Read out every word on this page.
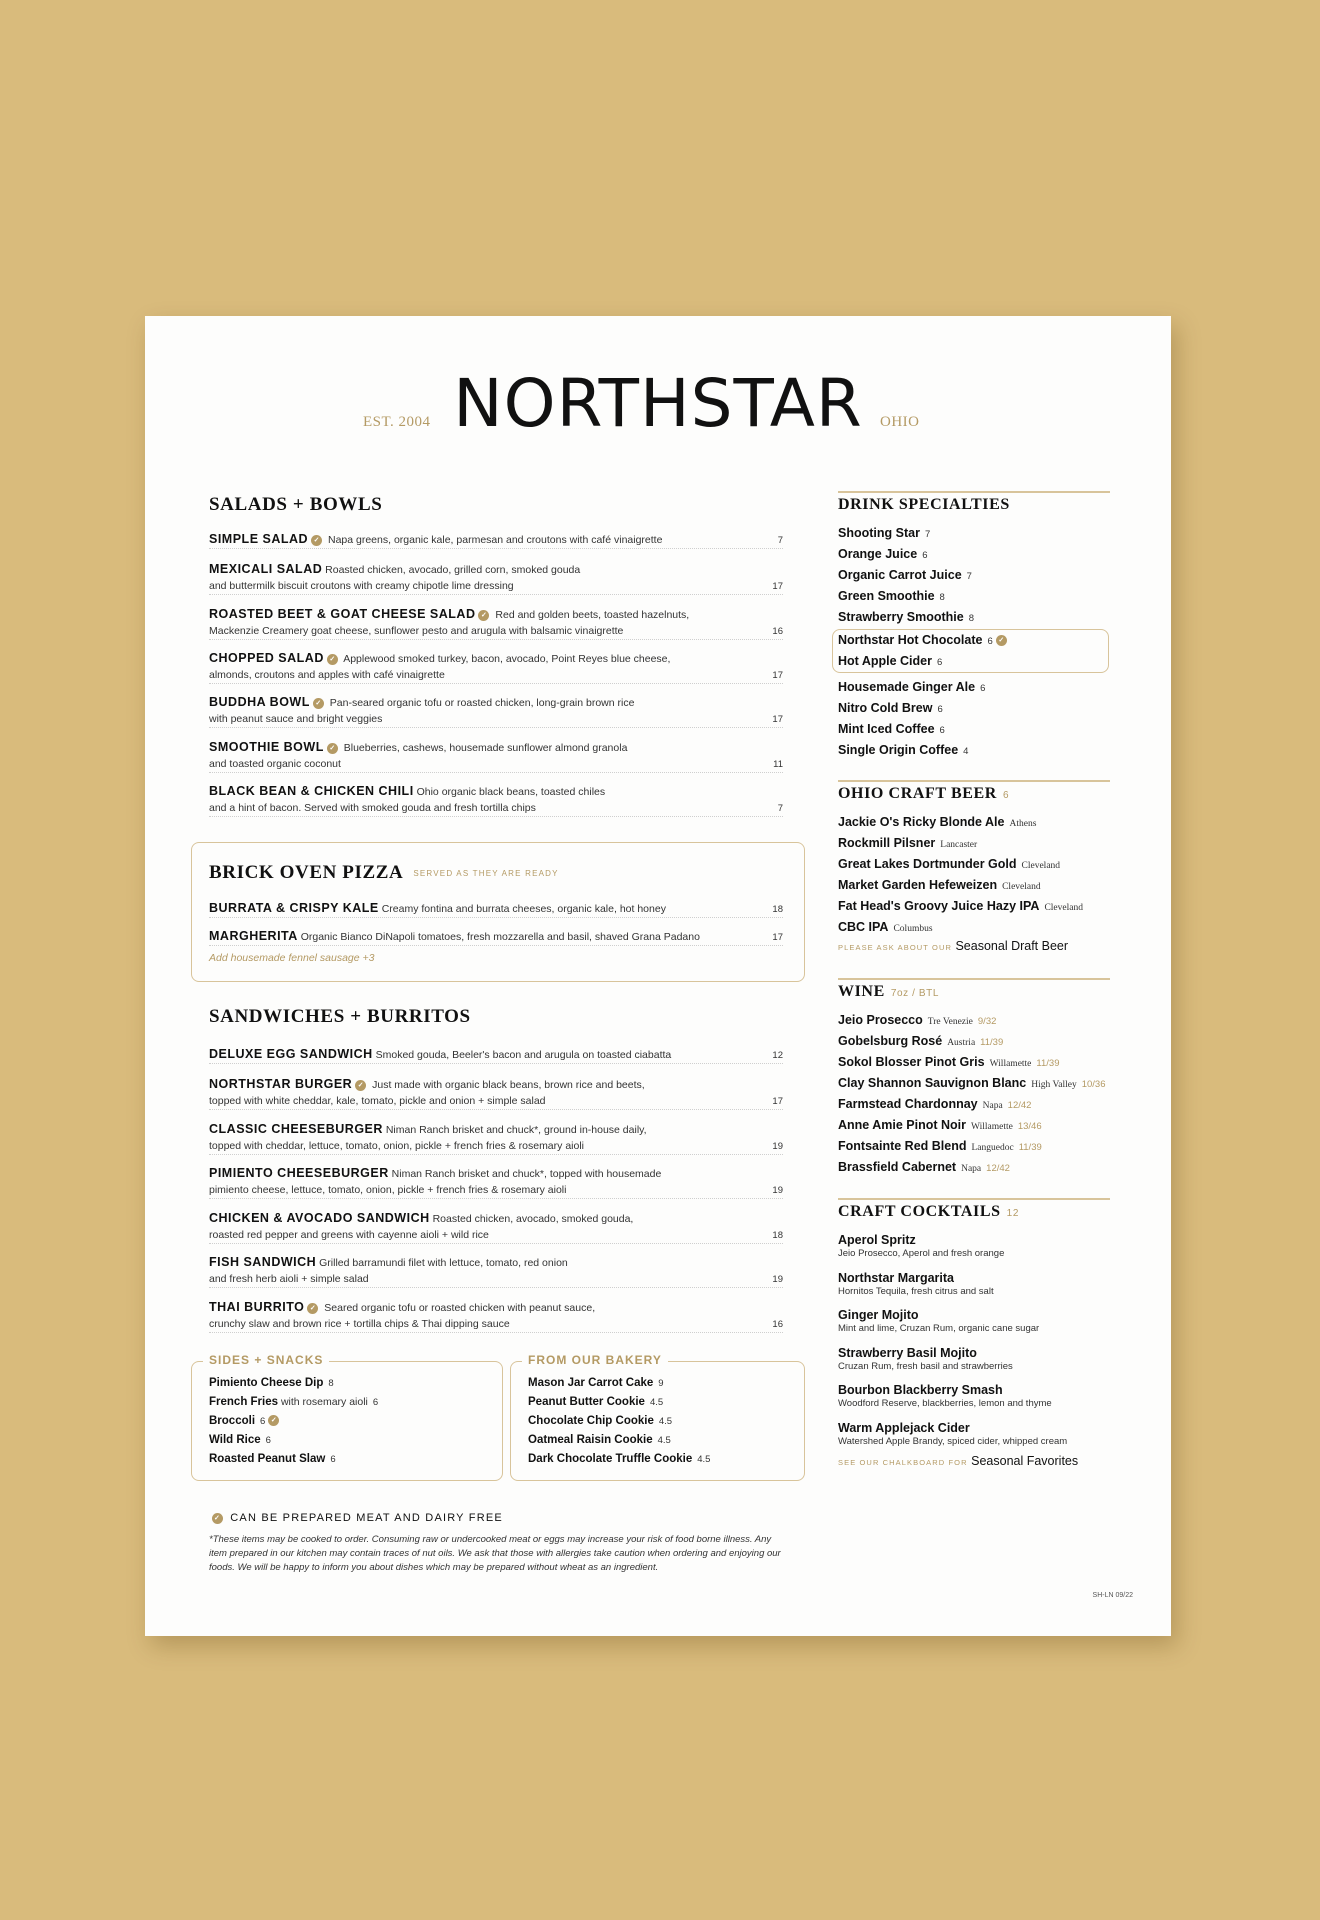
EST. 2004 NORTHSTAR	OHIO
SALADS + BOWLS
SIMPLE SALAD ✓ Napa greens, organic kale, parmesan and croutons with café vinaigrette	7
MEXICALI SALAD Roasted chicken, avocado, grilled corn, smoked gouda
and buttermilk biscuit croutons with creamy chipotle lime dressing	17
ROASTED BEET & GOAT CHEESE SALAD ✓ Red and golden beets, toasted hazelnuts,
Mackenzie Creamery goat cheese, sunflower pesto and arugula with balsamic vinaigrette	16
CHOPPED SALAD ✓ Applewood smoked turkey, bacon, avocado, Point Reyes blue cheese,
almonds, croutons and apples with café vinaigrette	17
BUDDHA BOWL ✓ Pan-seared organic tofu or roasted chicken, long-grain brown rice
with peanut sauce and bright veggies	17
SMOOTHIE BOWL ✓ Blueberries, cashews, housemade sunflower almond granola
and toasted organic coconut	11
BLACK BEAN & CHICKEN CHILI Ohio organic black beans, toasted chiles
and a hint of bacon. Served with smoked gouda and fresh tortilla chips	7
BRICK OVEN PIZZA SERVED AS THEY ARE READY
BURRATA & CRISPY KALE Creamy fontina and burrata cheeses, organic kale, hot honey	18
MARGHERITA Organic Bianco DiNapoli tomatoes, fresh mozzarella and basil, shaved Grana Padano	17
Add housemade fennel sausage +3
SANDWICHES + BURRITOS
DELUXE EGG SANDWICH Smoked gouda, Beeler's bacon and arugula on toasted ciabatta	12
NORTHSTAR BURGER ✓ Just made with organic black beans, brown rice and beets,
topped with white cheddar, kale, tomato, pickle and onion + simple salad	17
CLASSIC CHEESEBURGER Niman Ranch brisket and chuck*, ground in-house daily,
topped with cheddar, lettuce, tomato, onion, pickle + french fries & rosemary aioli	19
PIMIENTO CHEESEBURGER Niman Ranch brisket and chuck*, topped with housemade
pimiento cheese, lettuce, tomato, onion, pickle + french fries & rosemary aioli	19
CHICKEN & AVOCADO SANDWICH Roasted chicken, avocado, smoked gouda,
roasted red pepper and greens with cayenne aioli + wild rice	18
FISH SANDWICH Grilled barramundi filet with lettuce, tomato, red onion
and fresh herb aioli + simple salad	19
THAI BURRITO ✓ Seared organic tofu or roasted chicken with peanut sauce,
crunchy slaw and brown rice + tortilla chips & Thai dipping sauce	16
SIDES + SNACKS
Pimiento Cheese Dip 8
French Fries with rosemary aioli 6
Broccoli 6 ✓
Wild Rice 6
Roasted Peanut Slaw 6
FROM OUR BAKERY
Mason Jar Carrot Cake 9
Peanut Butter Cookie 4.5
Chocolate Chip Cookie 4.5
Oatmeal Raisin Cookie 4.5
Dark Chocolate Truffle Cookie 4.5
✓ CAN BE PREPARED MEAT AND DAIRY FREE
*These items may be cooked to order. Consuming raw or undercooked meat or eggs may increase your risk of food borne illness. Any item prepared in our kitchen may contain traces of nut oils. We ask that those with allergies take caution when ordering and enjoying our foods. We will be happy to inform you about dishes which may be prepared without wheat as an ingredient.
SH-LN 09/22
DRINK SPECIALTIES
Shooting Star 7
Orange Juice 6
Organic Carrot Juice 7
Green Smoothie 8
Strawberry Smoothie 8
Northstar Hot Chocolate 6 ✓
Hot Apple Cider 6
Housemade Ginger Ale 6
Nitro Cold Brew 6
Mint Iced Coffee 6
Single Origin Coffee 4
OHIO CRAFT BEER 6
Jackie O's Ricky Blonde Ale Athens
Rockmill Pilsner Lancaster
Great Lakes Dortmunder Gold Cleveland
Market Garden Hefeweizen Cleveland
Fat Head's Groovy Juice Hazy IPA Cleveland
CBC IPA Columbus
PLEASE ASK ABOUT OUR Seasonal Draft Beer
WINE 7oz / BTL
Jeio Prosecco Tre Venezie 9/32
Gobelsburg Rosé Austria 11/39
Sokol Blosser Pinot Gris Willamette 11/39
Clay Shannon Sauvignon Blanc High Valley 10/36
Farmstead Chardonnay Napa 12/42
Anne Amie Pinot Noir Willamette 13/46
Fontsainte Red Blend Languedoc 11/39
Brassfield Cabernet Napa 12/42
CRAFT COCKTAILS 12
Aperol Spritz
Jeio Prosecco, Aperol and fresh orange
Northstar Margarita
Hornitos Tequila, fresh citrus and salt
Ginger Mojito
Mint and lime, Cruzan Rum, organic cane sugar
Strawberry Basil Mojito
Cruzan Rum, fresh basil and strawberries
Bourbon Blackberry Smash
Woodford Reserve, blackberries, lemon and thyme
Warm Applejack Cider
Watershed Apple Brandy, spiced cider, whipped cream
SEE OUR CHALKBOARD FOR Seasonal Favorites
